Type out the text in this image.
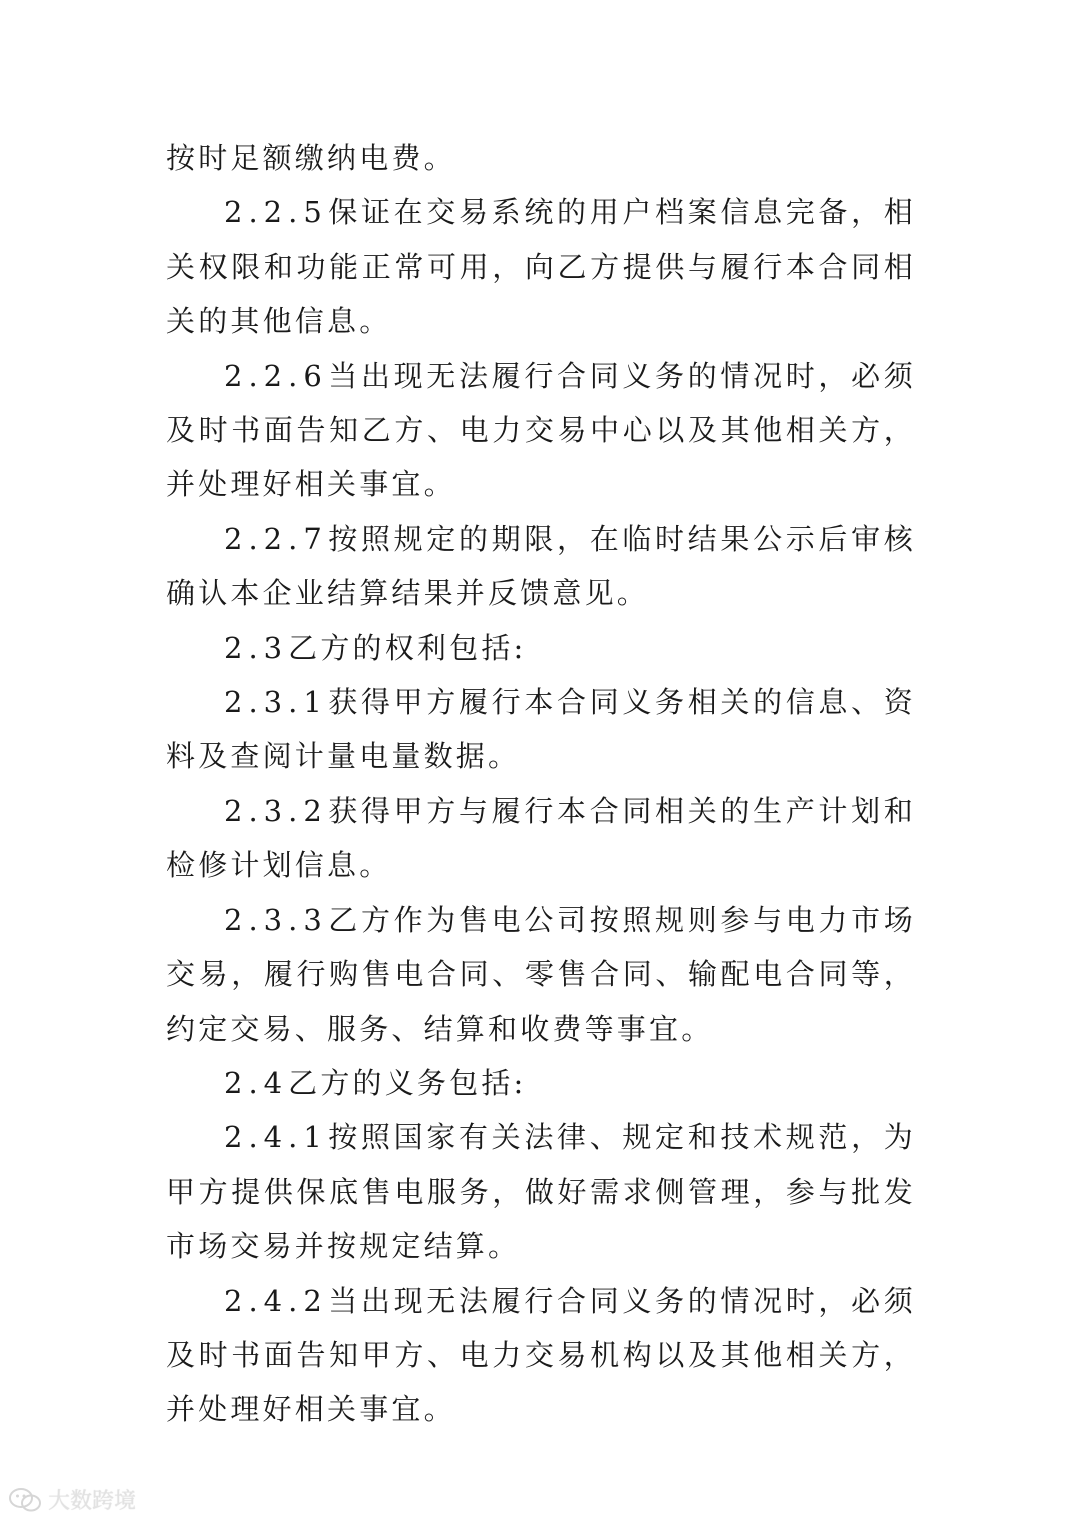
按时足额缴纳电费。

2.2.5保证在交易系统的用户档案信息完备，相关权限和功能正常可用，向乙方提供与履行本合同相关的其他信息。

2.2.6当出现无法履行合同义务的情况时，必须及时书面告知乙方、电力交易中心以及其他相关方，并处理好相关事宜。

2.2.7按照规定的期限，在临时结果公示后审核确认本企业结算结果并反馈意见。

2.3乙方的权利包括:

2.3.1获得甲方履行本合同义务相关的信息、资料及查阅计量电量数据。

2.3.2获得甲方与履行本合同相关的生产计划和检修计划信息。

2.3.3乙方作为售电公司按照规则参与电力市场交易，履行购售电合同、零售合同、输配电合同等，约定交易、服务、结算和收费等事宜。

2.4乙方的义务包括:

2.4.1按照国家有关法律、规定和技术规范，为甲方提供保底售电服务，做好需求侧管理，参与批发市场交易并按规定结算。

2.4.2当出现无法履行合同义务的情况时，必须及时书面告知甲方、电力交易机构以及其他相关方，并处理好相关事宜。

大数跨境
